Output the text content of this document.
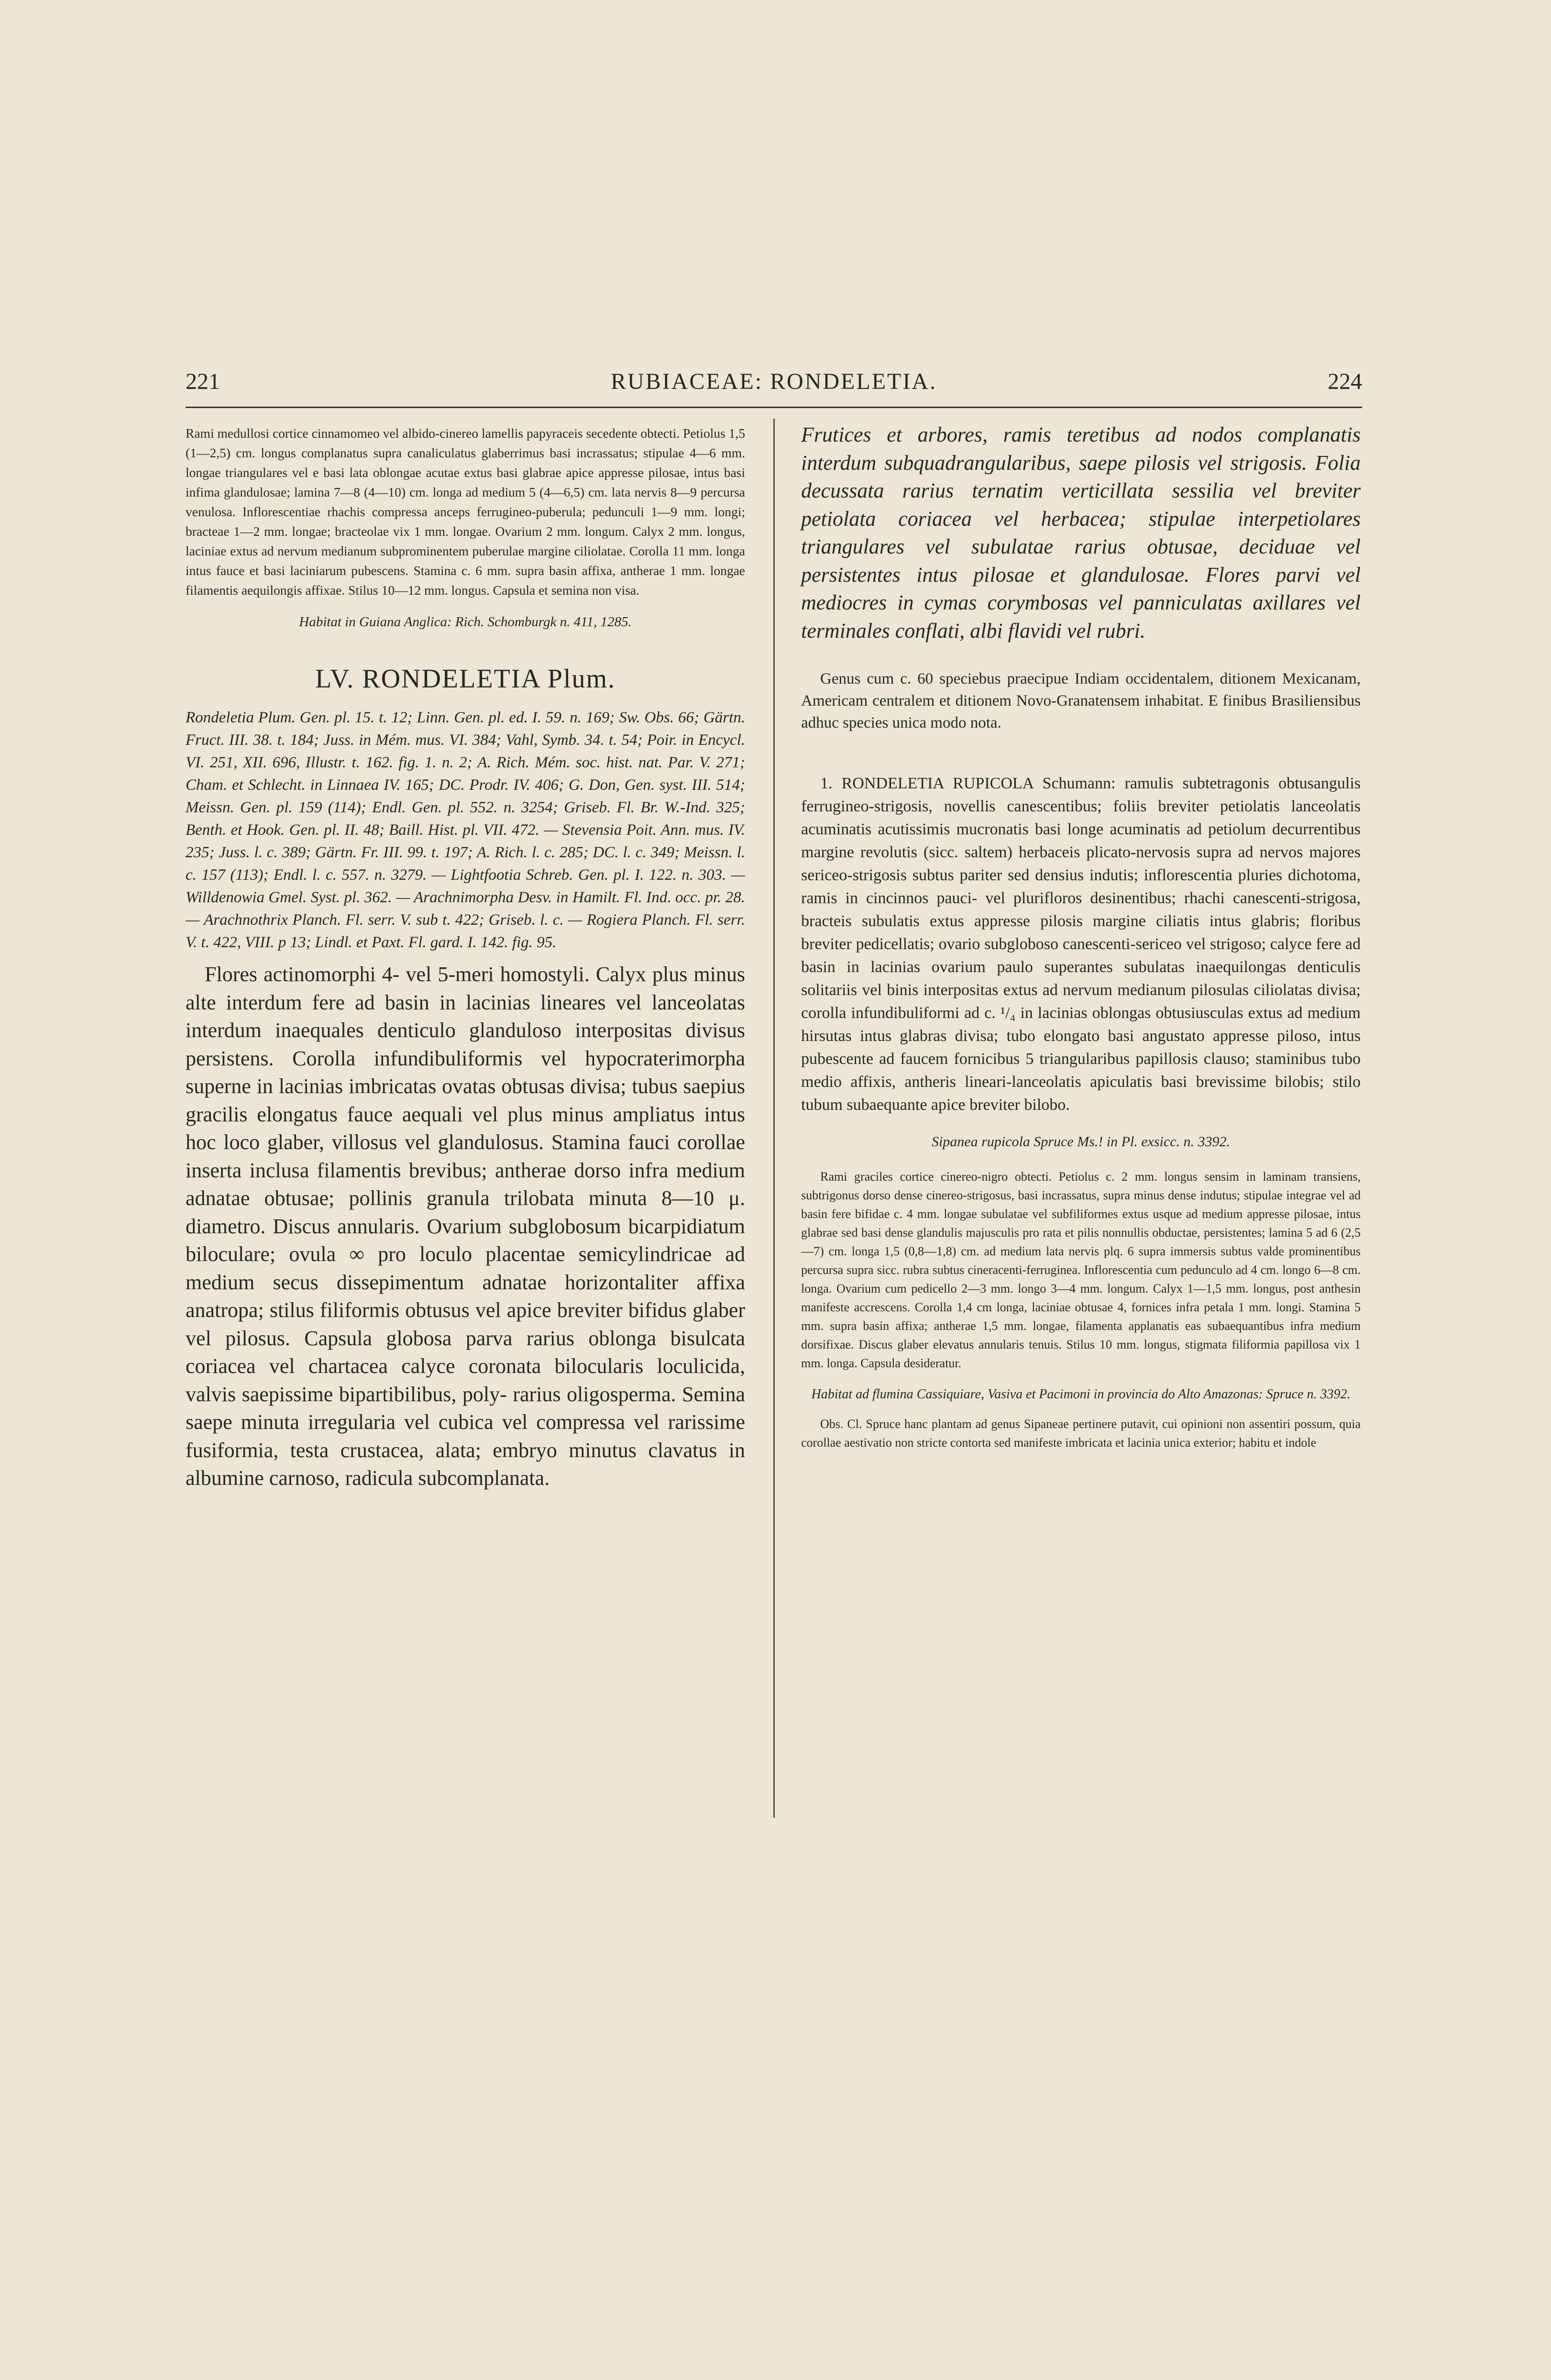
221	RUBIACEAE: RONDELETIA.	224

Rami medullosi cortice cinnamomeo vel albido-cinereo lamellis papyraceis secedente obtecti. Petiolus 1,5 (1—2,5) cm. longus complanatus supra canaliculatus glaberrimus basi incrassatus; stipulae 4—6 mm. longae triangulares vel e basi lata oblongae acutae extus basi glabrae apice appresse pilosae, intus basi infima glandulosae; lamina 7—8 (4—10) cm. longa ad medium 5 (4—6,5) cm. lata nervis 8—9 percursa venulosa. Inflorescentiae rhachis compressa anceps ferrugineo-puberula; pedunculi 1—9 mm. longi; bracteae 1—2 mm. longae; bracteolae vix 1 mm. longae. Ovarium 2 mm. longum. Calyx 2 mm. longus, laciniae extus ad nervum medianum subprominentem puberulae margine ciliolatae. Corolla 11 mm. longa intus fauce et basi laciniarum pubescens. Stamina c. 6 mm. supra basin affixa, antherae 1 mm. longae filamentis aequilongis affixae. Stilus 10—12 mm. longus. Capsula et semina non visa.

Habitat in Guiana Anglica: Rich. Schomburgk n. 411, 1285.

LV. RONDELETIA Plum.

Rondeletia Plum. Gen. pl. 15. t. 12; Linn. Gen. pl. ed. I. 59. n. 169; Sw. Obs. 66; Gärtn. Fruct. III. 38. t. 184; Juss. in Mém. mus. VI. 384; Vahl, Symb. 34. t. 54; Poir. in Encycl. VI. 251, XII. 696, Illustr. t. 162. fig. 1. n. 2; A. Rich. Mém. soc. hist. nat. Par. V. 271; Cham. et Schlecht. in Linnaea IV. 165; DC. Prodr. IV. 406; G. Don, Gen. syst. III. 514; Meissn. Gen. pl. 159 (114); Endl. Gen. pl. 552. n. 3254; Griseb. Fl. Br. W.-Ind. 325; Benth. et Hook. Gen. pl. II. 48; Baill. Hist. pl. VII. 472. — Stevensia Poit. Ann. mus. IV. 235; Juss. l. c. 389; Gärtn. Fr. III. 99. t. 197; A. Rich. l. c. 285; DC. l. c. 349; Meissn. l. c. 157 (113); Endl. l. c. 557. n. 3279. — Lightfootia Schreb. Gen. pl. I. 122. n. 303. — Willdenowia Gmel. Syst. pl. 362. — Arachnimorpha Desv. in Hamilt. Fl. Ind. occ. pr. 28. — Arachnothrix Planch. Fl. serr. V. sub t. 422; Griseb. l. c. — Rogiera Planch. Fl. serr. V. t. 422, VIII. p 13; Lindl. et Paxt. Fl. gard. I. 142. fig. 95.

Flores actinomorphi 4- vel 5-meri homostyli. Calyx plus minus alte interdum fere ad basin in lacinias lineares vel lanceolatas interdum inaequales denticulo glanduloso interpositas divisus persistens. Corolla infundibuliformis vel hypocraterimorpha superne in lacinias imbricatas ovatas obtusas divisa; tubus saepius gracilis elongatus fauce aequali vel plus minus ampliatus intus hoc loco glaber, villosus vel glandulosus. Stamina fauci corollae inserta inclusa filamentis brevibus; antherae dorso infra medium adnatae obtusae; pollinis granula trilobata minuta 8—10 μ. diametro. Discus annularis. Ovarium subglobosum bicarpidiatum biloculare; ovula ∞ pro loculo placentae semicylindricae ad medium secus dissepimentum adnatae horizontaliter affixa anatropa; stilus filiformis obtusus vel apice breviter bifidus glaber vel pilosus. Capsula globosa parva rarius oblonga bisulcata coriacea vel chartacea calyce coronata bilocularis loculicida, valvis saepissime bipartibilibus, poly- rarius oligosperma. Semina saepe minuta irregularia vel cubica vel compressa vel rarissime fusiformia, testa crustacea, alata; embryo minutus clavatus in albumine carnoso, radicula subcomplanata.

Frutices et arbores, ramis teretibus ad nodos complanatis interdum subquadrangularibus, saepe pilosis vel strigosis. Folia decussata rarius ternatim verticillata sessilia vel breviter petiolata coriacea vel herbacea; stipulae interpetiolares triangulares vel subulatae rarius obtusae, deciduae vel persistentes intus pilosae et glandulosae. Flores parvi vel mediocres in cymas corymbosas vel panniculatas axillares vel terminales conflati, albi flavidi vel rubri.

Genus cum c. 60 speciebus praecipue Indiam occidentalem, ditionem Mexicanam, Americam centralem et ditionem Novo-Granatensem inhabitat. E finibus Brasiliensibus adhuc species unica modo nota.

1. RONDELETIA RUPICOLA Schumann: ramulis subtetragonis obtusangulis ferrugineo-strigosis, novellis canescentibus; foliis breviter petiolatis lanceolatis acuminatis acutissimis mucronatis basi longe acuminatis ad petiolum decurrentibus margine revolutis (sicc. saltem) herbaceis plicato-nervosis supra ad nervos majores sericeo-strigosis subtus pariter sed densius indutis; inflorescentia pluries dichotoma, ramis in cincinnos pauci- vel plurifloros desinentibus; rhachi canescenti-strigosa, bracteis subulatis extus appresse pilosis margine ciliatis intus glabris; floribus breviter pedicellatis; ovario subgloboso canescenti-sericeo vel strigoso; calyce fere ad basin in lacinias ovarium paulo superantes subulatas inaequilongas denticulis solitariis vel binis interpositas extus ad nervum medianum pilosulas ciliolatas divisa; corolla infundibuliformi ad c. ¹/₄ in lacinias oblongas obtusiusculas extus ad medium hirsutas intus glabras divisa; tubo elongato basi angustato appresse piloso, intus pubescente ad faucem fornicibus 5 triangularibus papillosis clauso; staminibus tubo medio affixis, antheris lineari-lanceolatis apiculatis basi brevissime bilobis; stilo tubum subaequante apice breviter bilobo.

Sipanea rupicola Spruce Ms.! in Pl. exsicc. n. 3392.

Rami graciles cortice cinereo-nigro obtecti. Petiolus c. 2 mm. longus sensim in laminam transiens, subtrigonus dorso dense cinereo-strigosus, basi incrassatus, supra minus dense indutus; stipulae integrae vel ad basin fere bifidae c. 4 mm. longae subulatae vel subfiliformes extus usque ad medium appresse pilosae, intus glabrae sed basi dense glandulis majusculis pro rata et pilis nonnullis obductae, persistentes; lamina 5 ad 6 (2,5—7) cm. longa 1,5 (0,8—1,8) cm. ad medium lata nervis plq. 6 supra immersis subtus valde prominentibus percursa supra sicc. rubra subtus cineracenti-ferruginea. Inflorescentia cum pedunculo ad 4 cm. longo 6—8 cm. longa. Ovarium cum pedicello 2—3 mm. longo 3—4 mm. longum. Calyx 1—1,5 mm. longus, post anthesin manifeste accrescens. Corolla 1,4 cm longa, laciniae obtusae 4, fornices infra petala 1 mm. longi. Stamina 5 mm. supra basin affixa; antherae 1,5 mm. longae, filamenta applanatis eas subaequantibus infra medium dorsifixae. Discus glaber elevatus annularis tenuis. Stilus 10 mm. longus, stigmata filiformia papillosa vix 1 mm. longa. Capsula desideratur.

Habitat ad flumina Cassiquiare, Vasiva et Pacimoni in provincia do Alto Amazonas: Spruce n. 3392.

Obs. Cl. Spruce hanc plantam ad genus Sipaneae pertinere putavit, cui opinioni non assentiri possum, quia corollae aestivatio non stricte contorta sed manifeste imbricata et lacinia unica exterior; habitu et indole
